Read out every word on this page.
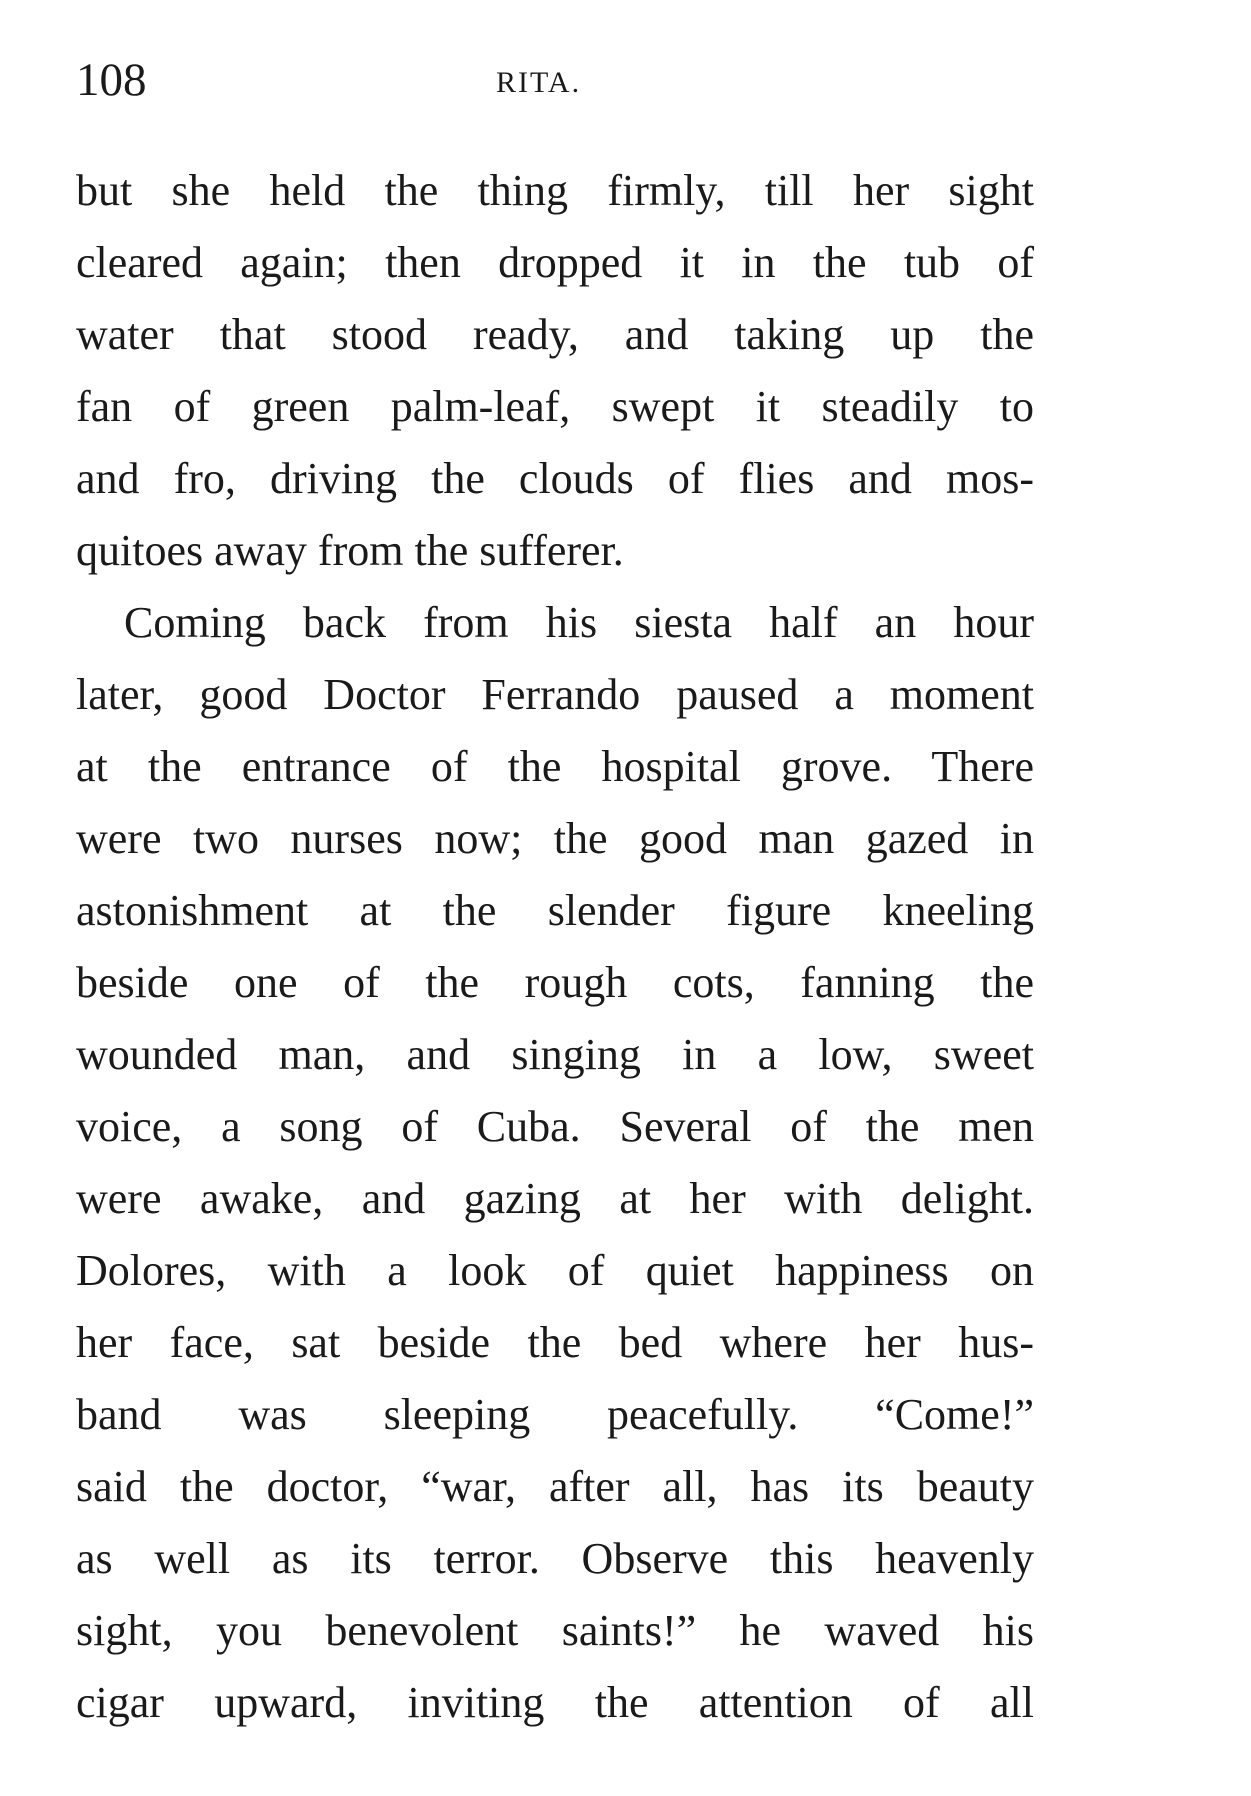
108	RITA.
but she held the thing firmly, till her sight
cleared again; then dropped it in the tub of
water that stood ready, and taking up the
fan of green palm-leaf, swept it steadily to
and fro, driving the clouds of flies and mos-
quitoes away from the sufferer.
Coming back from his siesta half an hour
later, good Doctor Ferrando paused a moment
at the entrance of the hospital grove. There
were two nurses now; the good man gazed in
astonishment at the slender figure kneeling
beside one of the rough cots, fanning the
wounded man, and singing in a low, sweet
voice, a song of Cuba. Several of the men
were awake, and gazing at her with delight.
Dolores, with a look of quiet happiness on
her face, sat beside the bed where her hus-
band was sleeping peacefully. “Come!”
said the doctor, “war, after all, has its beauty
as well as its terror. Observe this heavenly
sight, you benevolent saints!” he waved his
cigar upward, inviting the attention of all
